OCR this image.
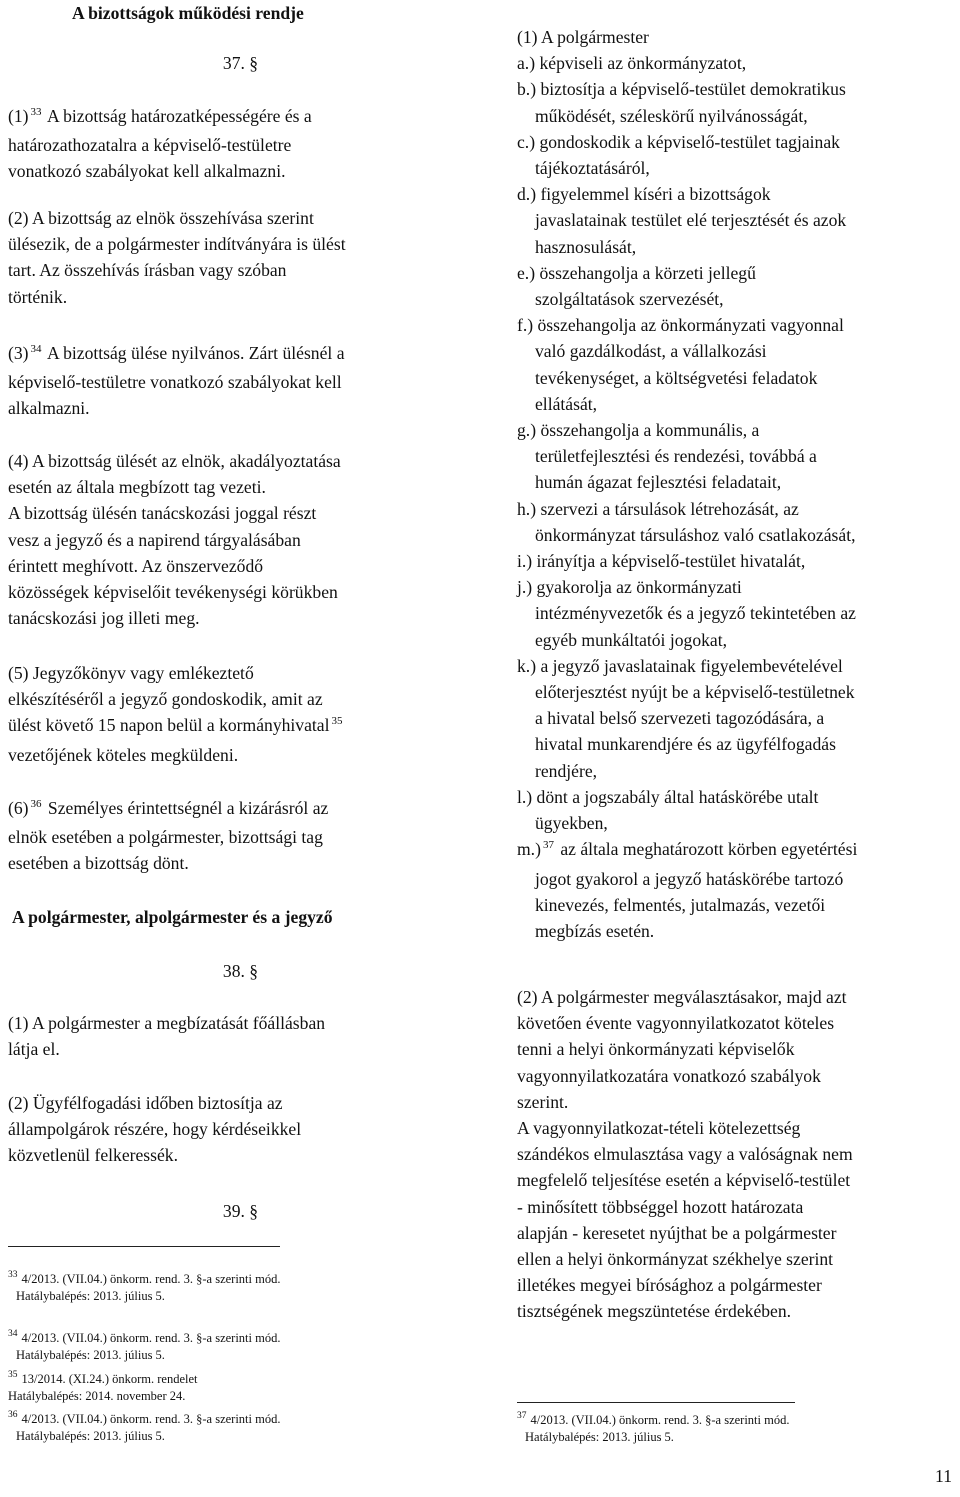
A bizottságok működési rendje
37. §
(1) $^{33}$ A bizottság határozatképességére és a
határozathozatalra a képviselő-testületre
vonatkozó szabályokat kell alkalmazni.
(2) A bizottság az elnök összehívása szerint
ülésezik, de a polgármester indítványára is ülést
tart. Az összehívás írásban vagy szóban
történik.
(3) $^{34}$ A bizottság ülése nyilvános. Zárt ülésnél a
képviselő-testületre vonatkozó szabályokat kell
alkalmazni.
(4) A bizottság ülését az elnök, akadályoztatása
esetén az általa megbízott tag vezeti.
A bizottság ülésén tanácskozási joggal részt
vesz a jegyző és a napirend tárgyalásában
érintett meghívott. Az önszerveződő
közösségek képviselőit tevékenységi körükben
tanácskozási jog illeti meg.
(5) Jegyzőkönyv vagy emlékeztető
elkészítéséről a jegyző gondoskodik, amit az
ülést követő 15 napon belül a kormányhivatal $^{35}$
vezetőjének köteles megküldeni.
(6) $^{36}$ Személyes érintettségnél a kizárásról az
elnök esetében a polgármester, bizottsági tag
esetében a bizottság dönt.
A polgármester, alpolgármester és a jegyző
38. §
(1) A polgármester a megbízatását főállásban
látja el.
(2) Ügyfélfogadási időben biztosítja az
állampolgárok részére, hogy kérdéseikkel
közvetlenül felkeressék.
39. §
$^{33}$ 4/2013. (VII.04.) önkorm. rend. 3. §-a szerinti mód.
Hatálybalépés: 2013. július 5.
$^{34}$ 4/2013. (VII.04.) önkorm. rend. 3. §-a szerinti mód.
Hatálybalépés: 2013. július 5.
$^{35}$ 13/2014. (XI.24.) önkorm. rendelet
Hatálybalépés: 2014. november 24.
$^{36}$ 4/2013. (VII.04.) önkorm. rend. 3. §-a szerinti mód.
Hatálybalépés: 2013. július 5.
(1) A polgármester
a.) képviseli az önkormányzatot,
b.) biztosítja a képviselő-testület demokratikus
működését, széleskörű nyilvánosságát,
c.) gondoskodik a képviselő-testület tagjainak
tájékoztatásáról,
d.) figyelemmel kíséri a bizottságok
javaslatainak testület elé terjesztését és azok
hasznosulását,
e.) összehangolja a körzeti jellegű
szolgáltatások szervezését,
f.) összehangolja az önkormányzati vagyonnal
való gazdálkodást, a vállalkozási
tevékenységet, a költségvetési feladatok
ellátását,
g.) összehangolja a kommunális, a
területfejlesztési és rendezési, továbbá a
humán ágazat fejlesztési feladatait,
h.) szervezi a társulások létrehozását, az
önkormányzat társuláshoz való csatlakozását,
i.) irányítja a képviselő-testület hivatalát,
j.) gyakorolja az önkormányzati
intézményvezetők és a jegyző tekintetében az
egyéb munkáltatói jogokat,
k.) a jegyző javaslatainak figyelembevételével
előterjesztést nyújt be a képviselő-testületnek
a hivatal belső szervezeti tagozódására, a
hivatal munkarendjére és az ügyfélfogadás
rendjére,
l.) dönt a jogszabály által hatáskörébe utalt
ügyekben,
m.) $^{37}$ az általa meghatározott körben egyetértési
jogot gyakorol a jegyző hatáskörébe tartozó
kinevezés, felmentés, jutalmazás, vezetői
megbízás esetén.
(2) A polgármester megválasztásakor, majd azt
követően évente vagyonnyilatkozatot köteles
tenni a helyi önkormányzati képviselők
vagyonnyilatkozatára vonatkozó szabályok
szerint.
A vagyonnyilatkozat-tételi kötelezettség
szándékos elmulasztása vagy a valóságnak nem
megfelelő teljesítése esetén a képviselő-testület
- minősített többséggel hozott határozata
alapján - keresetet nyújthat be a polgármester
ellen a helyi önkormányzat székhelye szerint
illetékes megyei bírósághoz a polgármester
tisztségének megszüntetése érdekében.
$^{37}$ 4/2013. (VII.04.) önkorm. rend. 3. §-a szerinti mód.
Hatálybalépés: 2013. július 5.
11
